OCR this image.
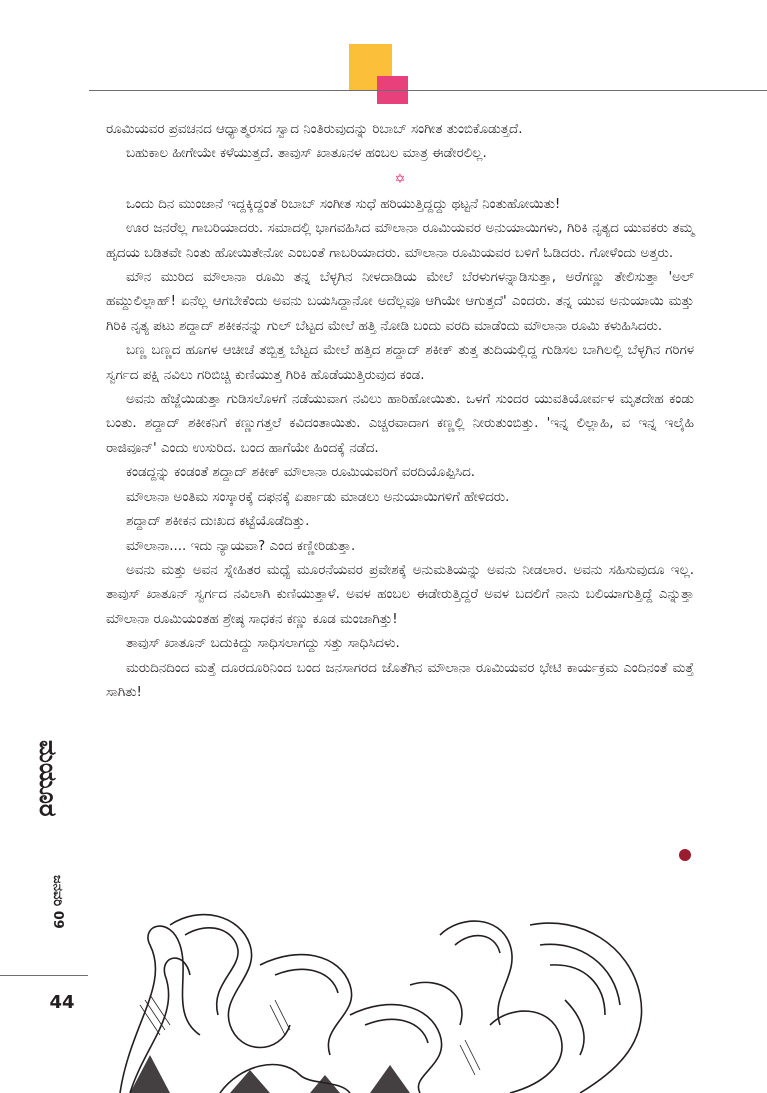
ರೂಮಿಯವರ ಪ್ರವಚನದ ಆಧ್ಯಾತ್ಮರಸದ ಸ್ವಾದ ನಿಂತಿರುವುದನ್ನು ರಿಬಾಬ್ ಸಂಗೀತ ತುಂಬಿಕೊಡುತ್ತದೆ.

ಬಹುಕಾಲ ಹೀಗೇಯೇ ಕಳೆಯುತ್ತದೆ. ತಾವುಸ್ ಖಾತೂನಳ ಹಂಬಲ ಮಾತ್ರ ಈಡೇರಲಿಲ್ಲ.

✡

ಒಂದು ದಿನ ಮುಂಜಾನೆ ಇದ್ದಕ್ಕಿದ್ದಂತೆ ರಿಬಾಬ್ ಸಂಗೀತ ಸುಧೆ ಹರಿಯುತ್ತಿದ್ದದ್ದು ಥಟ್ಟನೆ ನಿಂತುಹೋಯಿತು!

ಊರ ಜನರೆಲ್ಲ ಗಾಬರಿಯಾದರು. ಸಮಾದಲ್ಲಿ ಭಾಗವಹಿಸಿದ ಮೌಲಾನಾ ರೂಮಿಯವರ ಅನುಯಾಯಿಗಳು, ಗಿರಿಕಿ ನೃತ್ಯದ ಯುವಕರು ತಮ್ಮ ಹೃದಯ ಬಡಿತವೇ ನಿಂತು ಹೋಯಿತೇನೋ ಎಂಬಂತೆ ಗಾಬರಿಯಾದರು. ಮೌಲಾನಾ ರೂಮಿಯವರ ಬಳಿಗೆ ಓಡಿದರು. ಗೋಳೆಂದು ಅತ್ತರು.

ಮೌನ ಮುರಿದ ಮೌಲಾನಾ ರೂಮಿ ತನ್ನ ಬೆಳ್ಳಗಿನ ನೀಳದಾಡಿಯ ಮೇಲೆ ಬೆರಳುಗಳನ್ನಾಡಿಸುತ್ತಾ, ಅರೆಗಣ್ಣು ತೇಲಿಸುತ್ತಾ 'ಅಲ್ ಹಮ್ದುಲಿಲ್ಲಾಹ್! ಏನೆಲ್ಲ ಆಗಬೇಕೆಂದು ಅವನು ಬಯಸಿದ್ದಾನೋ ಅದೆಲ್ಲವೂ ಆಗಿಯೇ ಆಗುತ್ತದೆ' ಎಂದರು. ತನ್ನ ಯುವ ಅನುಯಾಯಿ ಮತ್ತು ಗಿರಿಕಿ ನೃತ್ಯ ಪಟು ಶದ್ದಾದ್ ಶಕೀಕನನ್ನು ಗುಲ್ ಬೆಟ್ಟದ ಮೇಲೆ ಹತ್ತಿ ನೋಡಿ ಬಂದು ವರದಿ ಮಾಡೆಂದು ಮೌಲಾನಾ ರೂಮಿ ಕಳುಹಿಸಿದರು.

ಬಣ್ಣ ಬಣ್ಣದ ಹೂಗಳ ಆಚೀಚೆ ತಬ್ಬಿತ್ತ ಬೆಟ್ಟದ ಮೇಲೆ ಹತ್ತಿದ ಶದ್ದಾದ್ ಶಕೀಕ್ ತುತ್ತ ತುದಿಯಲ್ಲಿದ್ದ ಗುಡಿಸಲ ಬಾಗಿಲಲ್ಲಿ ಬೆಳ್ಳಗಿನ ಗರಿಗಳ ಸ್ವರ್ಗದ ಪಕ್ಷಿ ನವಿಲು ಗರಿಬಿಚ್ಚಿ ಕುಣಿಯುತ್ತ ಗಿರಿಕಿ ಹೊಡೆಯುತ್ತಿರುವುದ ಕಂಡ.

ಅವನು ಹೆಜ್ಜೆಯಿಡುತ್ತಾ ಗುಡಿಸಲೊಳಗೆ ನಡೆಯುವಾಗ ನವಿಲು ಹಾರಿಹೋಯಿತು. ಒಳಗೆ ಸುಂದರ ಯುವತಿಯೋರ್ವಳ ಮೃತದೇಹ ಕಂಡು ಬಂತು. ಶದ್ದಾದ್ ಶಕೀಕನಿಗೆ ಕಣ್ಣುಗತ್ತಲೆ ಕವಿದಂತಾಯಿತು. ಎಚ್ಚರವಾದಾಗ ಕಣ್ಣಲ್ಲಿ ನೀರುತುಂಬಿತ್ತು. 'ಇನ್ನ ಲಿಲ್ಲಾಹಿ, ವ ಇನ್ನ ಇಲೈಹಿ ರಾಜಿವೂನ್' ಎಂದು ಉಸುರಿದ. ಬಂದ ಹಾಗೆಯೇ ಹಿಂದಕ್ಕೆ ನಡೆದ.

ಕಂಡದ್ದನ್ನು ಕಂಡಂತೆ ಶದ್ದಾದ್ ಶಕೀಕ್ ಮೌಲಾನಾ ರೂಮಿಯವರಿಗೆ ವರದಿಯೊಪ್ಪಿಸಿದ.

ಮೌಲಾನಾ ಅಂತಿಮ ಸಂಸ್ಕಾರಕ್ಕೆ ದಫನಕ್ಕೆ ಏರ್ಪಾಡು ಮಾಡಲು ಅನುಯಾಯಿಗಳಿಗೆ ಹೇಳಿದರು.

ಶದ್ದಾದ್ ಶಕೀಕನ ದುಃಖದ ಕಟ್ಟೆಯೊಡೆದಿತ್ತು.

ಮೌಲಾನಾ.... ಇದು ನ್ಯಾಯವಾ? ಎಂದ ಕಣ್ಣೀರಿಡುತ್ತಾ.

ಅವನು ಮತ್ತು ಅವನ ಸ್ನೇಹಿತರ ಮಧ್ಯೆ ಮೂರನೆಯವರ ಪ್ರವೇಶಕ್ಕೆ ಅನುಮತಿಯನ್ನು ಅವನು ನೀಡಲಾರ. ಅವನು ಸಹಿಸುವುದೂ ಇಲ್ಲ. ತಾವುಸ್ ಖಾತೂನ್ ಸ್ವರ್ಗದ ನವಿಲಾಗಿ ಕುಣಿಯುತ್ತಾಳೆ. ಅವಳ ಹಂಬಲ ಈಡೇರುತ್ತಿದ್ದರೆ ಅವಳ ಬದಲಿಗೆ ನಾನು ಬಲಿಯಾಗುತ್ತಿದ್ದೆ ಎನ್ನುತ್ತಾ ಮೌಲಾನಾ ರೂಮಿಯಂತಹ ಶ್ರೇಷ್ಠ ಸಾಧಕನ ಕಣ್ಣು ಕೂಡ ಮಂಜಾಗಿತ್ತು!

ತಾವುಸ್ ಖಾತೂನ್ ಬದುಕಿದ್ದು ಸಾಧಿಸಲಾಗದ್ದು ಸತ್ತು ಸಾಧಿಸಿದಳು.

ಮರುದಿನದಿಂದ ಮತ್ತೆ ದೂರದೂರಿನಿಂದ ಬಂದ ಜನಸಾಗರದ ಜೊತೆಗಿನ ಮೌಲಾನಾ ರೂಮಿಯವರ ಭೇಟಿ ಕಾರ್ಯಕ್ರಮ ಎಂದಿನಂತೆ ಮತ್ತೆ ಸಾಗಿತು!

ಮಯೂರ
ಜನವರಿ 09
44
